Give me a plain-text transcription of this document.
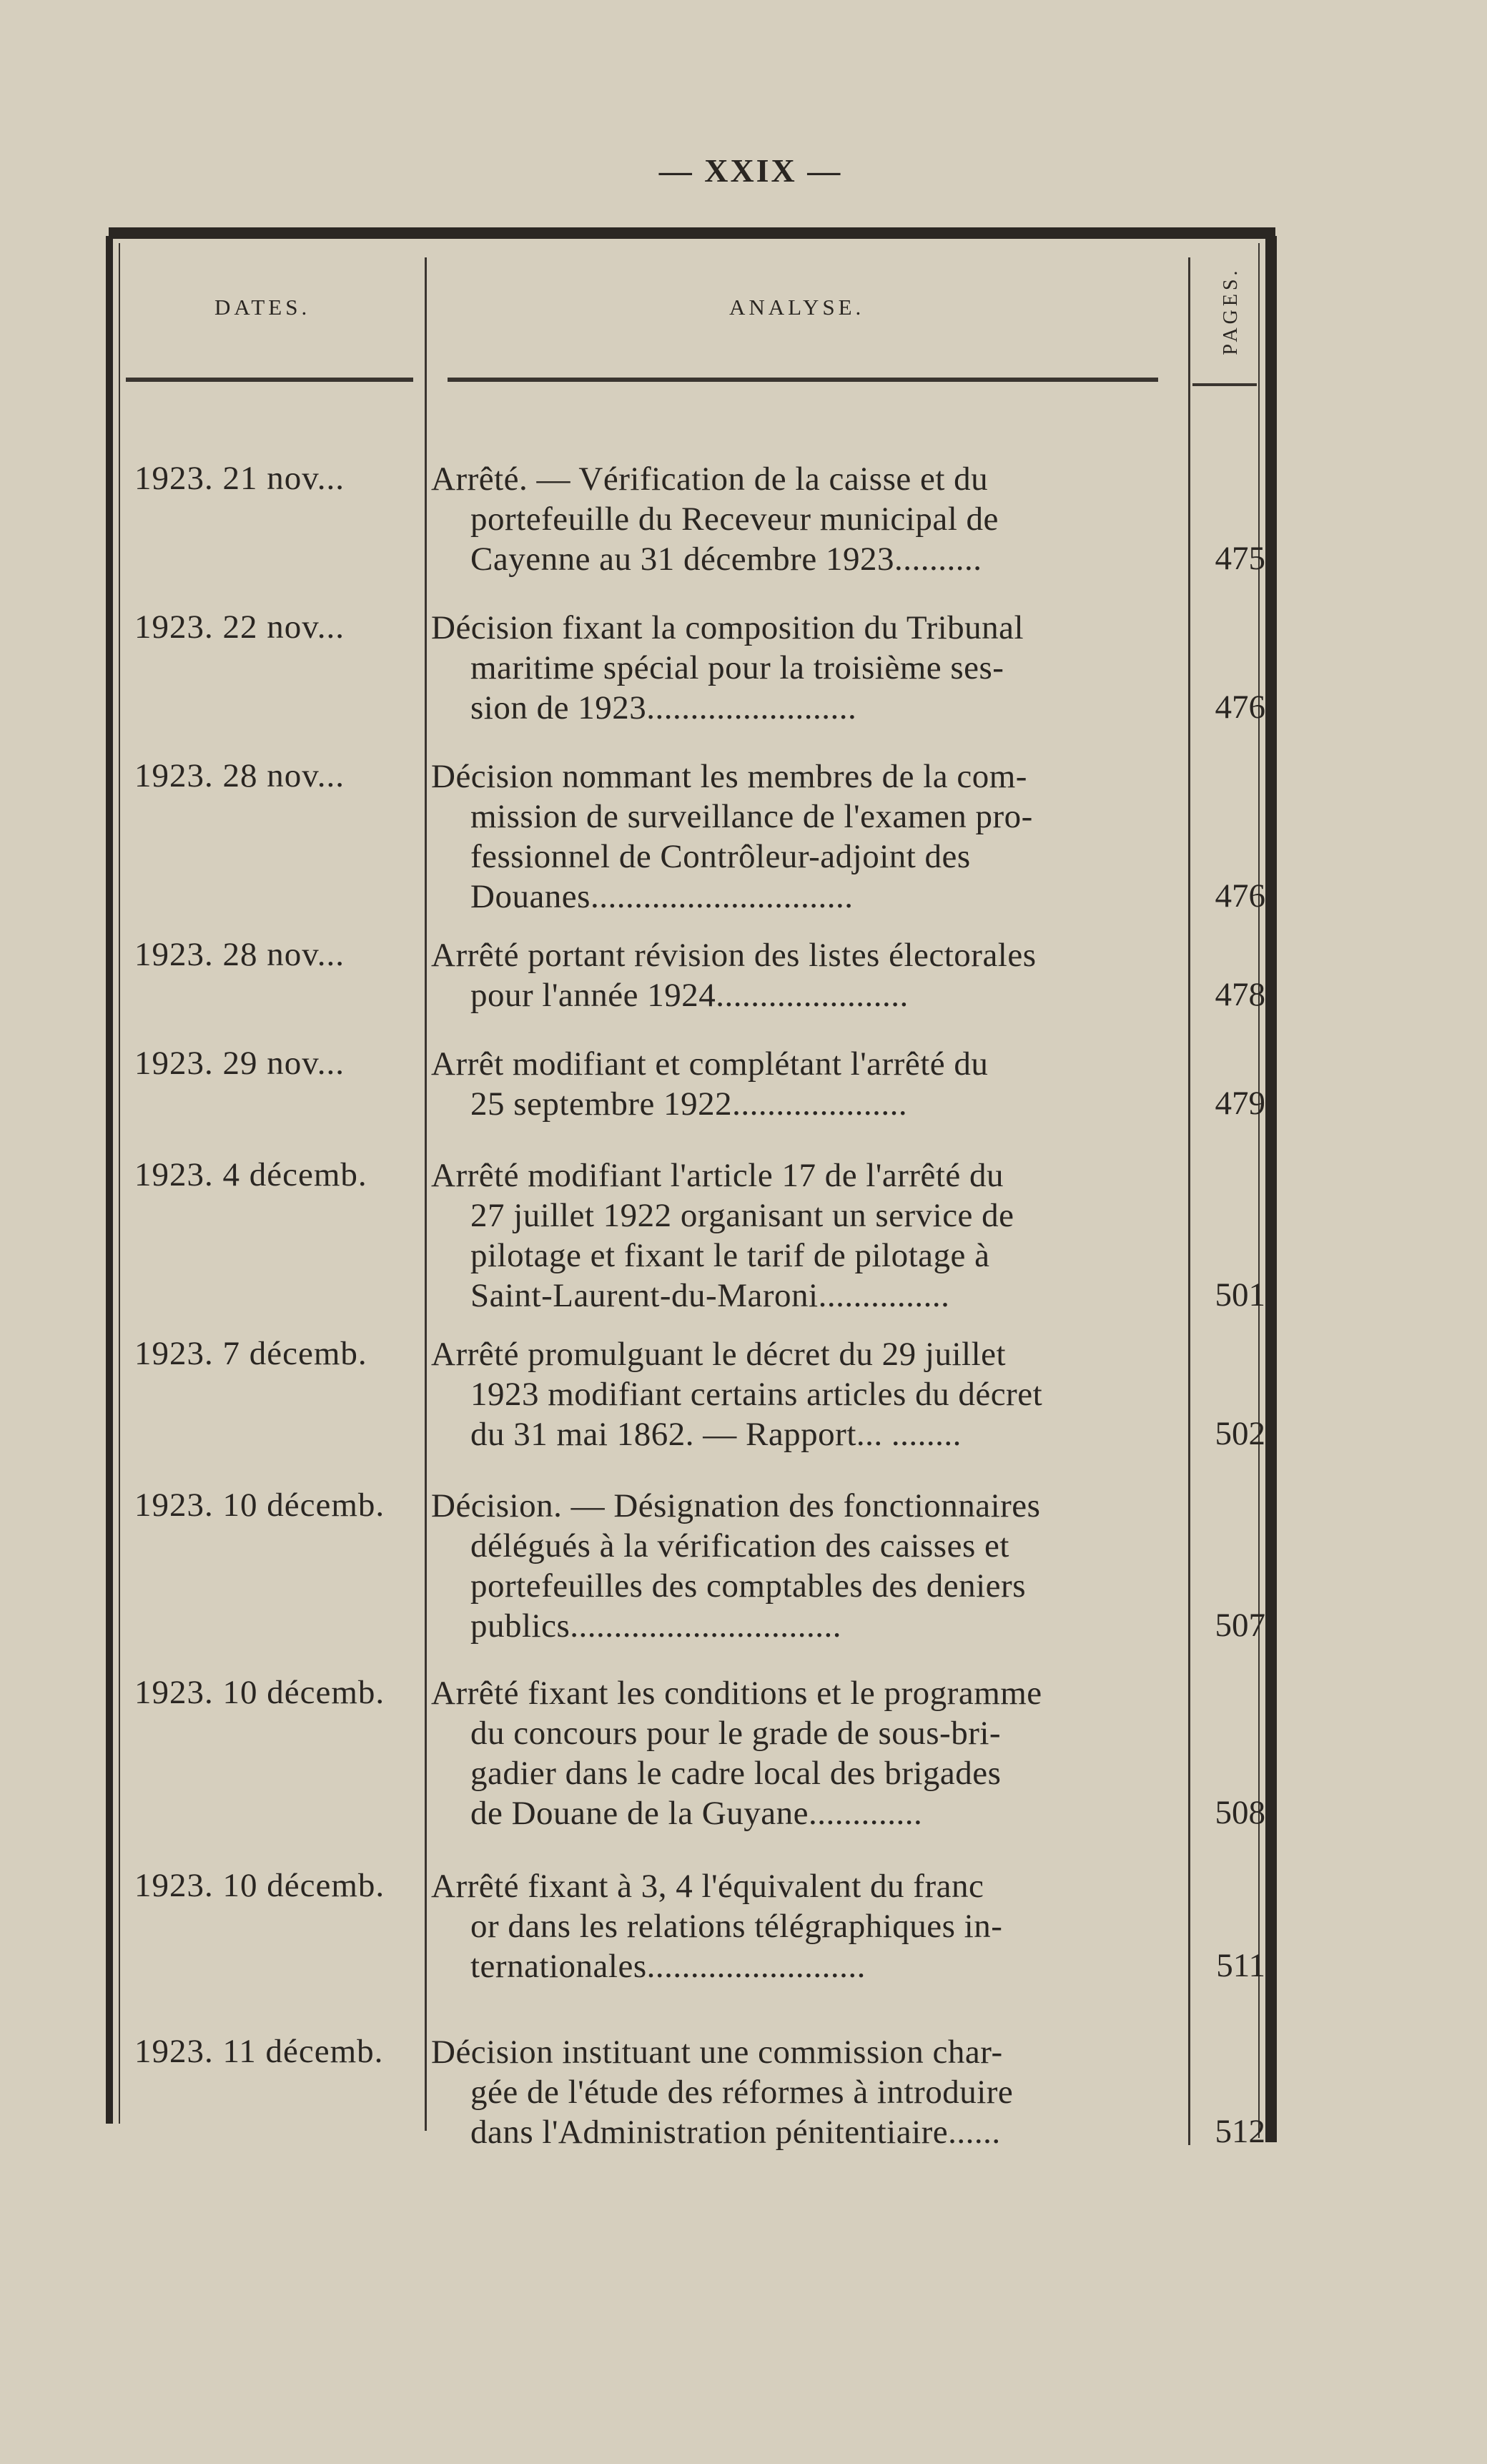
— XXIX —
DATES.	ANALYSE.	PAGES.
1923. 21 nov...	Arrêté. — Vérification de la caisse et du
portefeuille du Receveur municipal de
Cayenne au 31 décembre 1923..........	475
1923. 22 nov...	Décision fixant la composition du Tribunal
maritime spécial pour la troisième ses-
sion de 1923........................	476
1923. 28 nov...	Décision nommant les membres de la com-
mission de surveillance de l'examen pro-
fessionnel de Contrôleur-adjoint des
Douanes..............................	476
1923. 28 nov...	Arrêté portant révision des listes électorales
pour l'année 1924......................	478
1923. 29 nov...	Arrêt modifiant et complétant l'arrêté du
25 septembre 1922....................	479
1923. 4 décemb. Arrêté modifiant l'article 17 de l'arrêté du
27 juillet 1922 organisant un service de
pilotage et fixant le tarif de pilotage à
Saint-Laurent-du-Maroni...............	501
1923. 7 décemb. Arrêté promulguant le décret du 29 juillet
1923 modifiant certains articles du décret
du 31 mai 1862. — Rapport... ........	502
1923. 10 décemb. Décision. — Désignation des fonctionnaires
délégués à la vérification des caisses et
portefeuilles des comptables des deniers
publics...............................	507
1923. 10 décemb. Arrêté fixant les conditions et le programme
du concours pour le grade de sous-bri-
gadier dans le cadre local des brigades
de Douane de la Guyane.............	508
1923. 10 décemb. Arrêté fixant à 3, 4 l'équivalent du franc
or dans les relations télégraphiques in-
ternationales.........................	511
1923. 11 décemb. Décision instituant une commission char-
gée de l'étude des réformes à introduire
dans l'Administration pénitentiaire......	512
